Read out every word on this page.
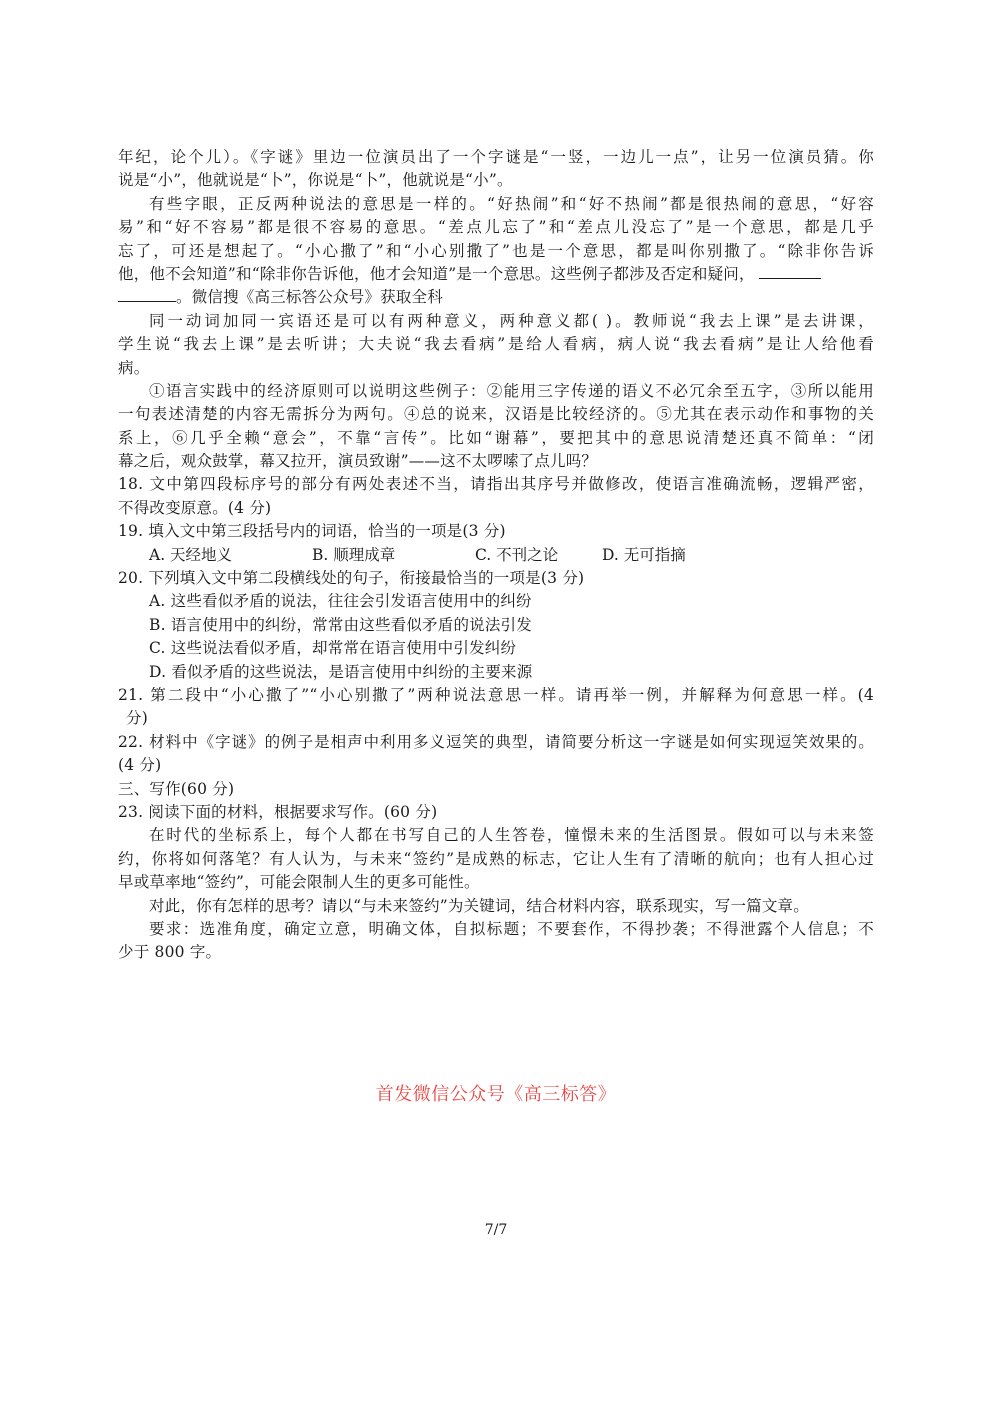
年纪，论个儿）。《字谜》里边一位演员出了一个字谜是“一竖，一边儿一点”，让另一位演员猜。你
说是“小”，他就说是“卜”，你说是“卜”，他就说是“小”。
有些字眼，正反两种说法的意思是一样的。“好热闹”和“好不热闹”都是很热闹的意思，“好容
易”和“好不容易”都是很不容易的意思。“差点儿忘了”和“差点儿没忘了”是一个意思，都是几乎
忘了，可还是想起了。“小心撒了”和“小心别撒了”也是一个意思，都是叫你别撒了。“除非你告诉
他，他不会知道”和“除非你告诉他，他才会知道”是一个意思。这些例子都涉及否定和疑问，
。微信搜《高三标答公众号》获取全科
同一动词加同一宾语还是可以有两种意义，两种意义都( )。教师说“我去上课”是去讲课，
学生说“我去上课”是去听讲；大夫说“我去看病”是给人看病，病人说“我去看病”是让人给他看
病。
①语言实践中的经济原则可以说明这些例子：②能用三字传递的语义不必冗余至五字，③所以能用
一句表述清楚的内容无需拆分为两句。④总的说来，汉语是比较经济的。⑤尤其在表示动作和事物的关
系上，⑥几乎全赖“意会”，不靠“言传”。比如“谢幕”，要把其中的意思说清楚还真不简单：“闭
幕之后，观众鼓掌，幕又拉开，演员致谢”——这不太啰嗦了点儿吗？
18. 文中第四段标序号的部分有两处表述不当，请指出其序号并做修改，使语言准确流畅，逻辑严密，
不得改变原意。(4 分)
19. 填入文中第三段括号内的词语，恰当的一项是(3 分)
A. 天经地义	B. 顺理成章	C. 不刊之论	D. 无可指摘
20. 下列填入文中第二段横线处的句子，衔接最恰当的一项是(3 分)
A. 这些看似矛盾的说法，往往会引发语言使用中的纠纷
B. 语言使用中的纠纷，常常由这些看似矛盾的说法引发
C. 这些说法看似矛盾，却常常在语言使用中引发纠纷
D. 看似矛盾的这些说法，是语言使用中纠纷的主要来源
21. 第二段中“小心撒了”“小心别撒了”两种说法意思一样。请再举一例，并解释为何意思一样。(4
分)
22. 材料中《字谜》的例子是相声中利用多义逗笑的典型，请简要分析这一字谜是如何实现逗笑效果的。
(4 分)
三、写作(60 分)
23. 阅读下面的材料，根据要求写作。(60 分)
在时代的坐标系上，每个人都在书写自己的人生答卷，憧憬未来的生活图景。假如可以与未来签
约，你将如何落笔？有人认为，与未来“签约”是成熟的标志，它让人生有了清晰的航向；也有人担心过
早或草率地“签约”，可能会限制人生的更多可能性。
对此，你有怎样的思考？请以“与未来签约”为关键词，结合材料内容，联系现实，写一篇文章。
要求：选准角度，确定立意，明确文体，自拟标题；不要套作，不得抄袭；不得泄露个人信息；不
少于 800 字。
首发微信公众号《高三标答》
7/7
